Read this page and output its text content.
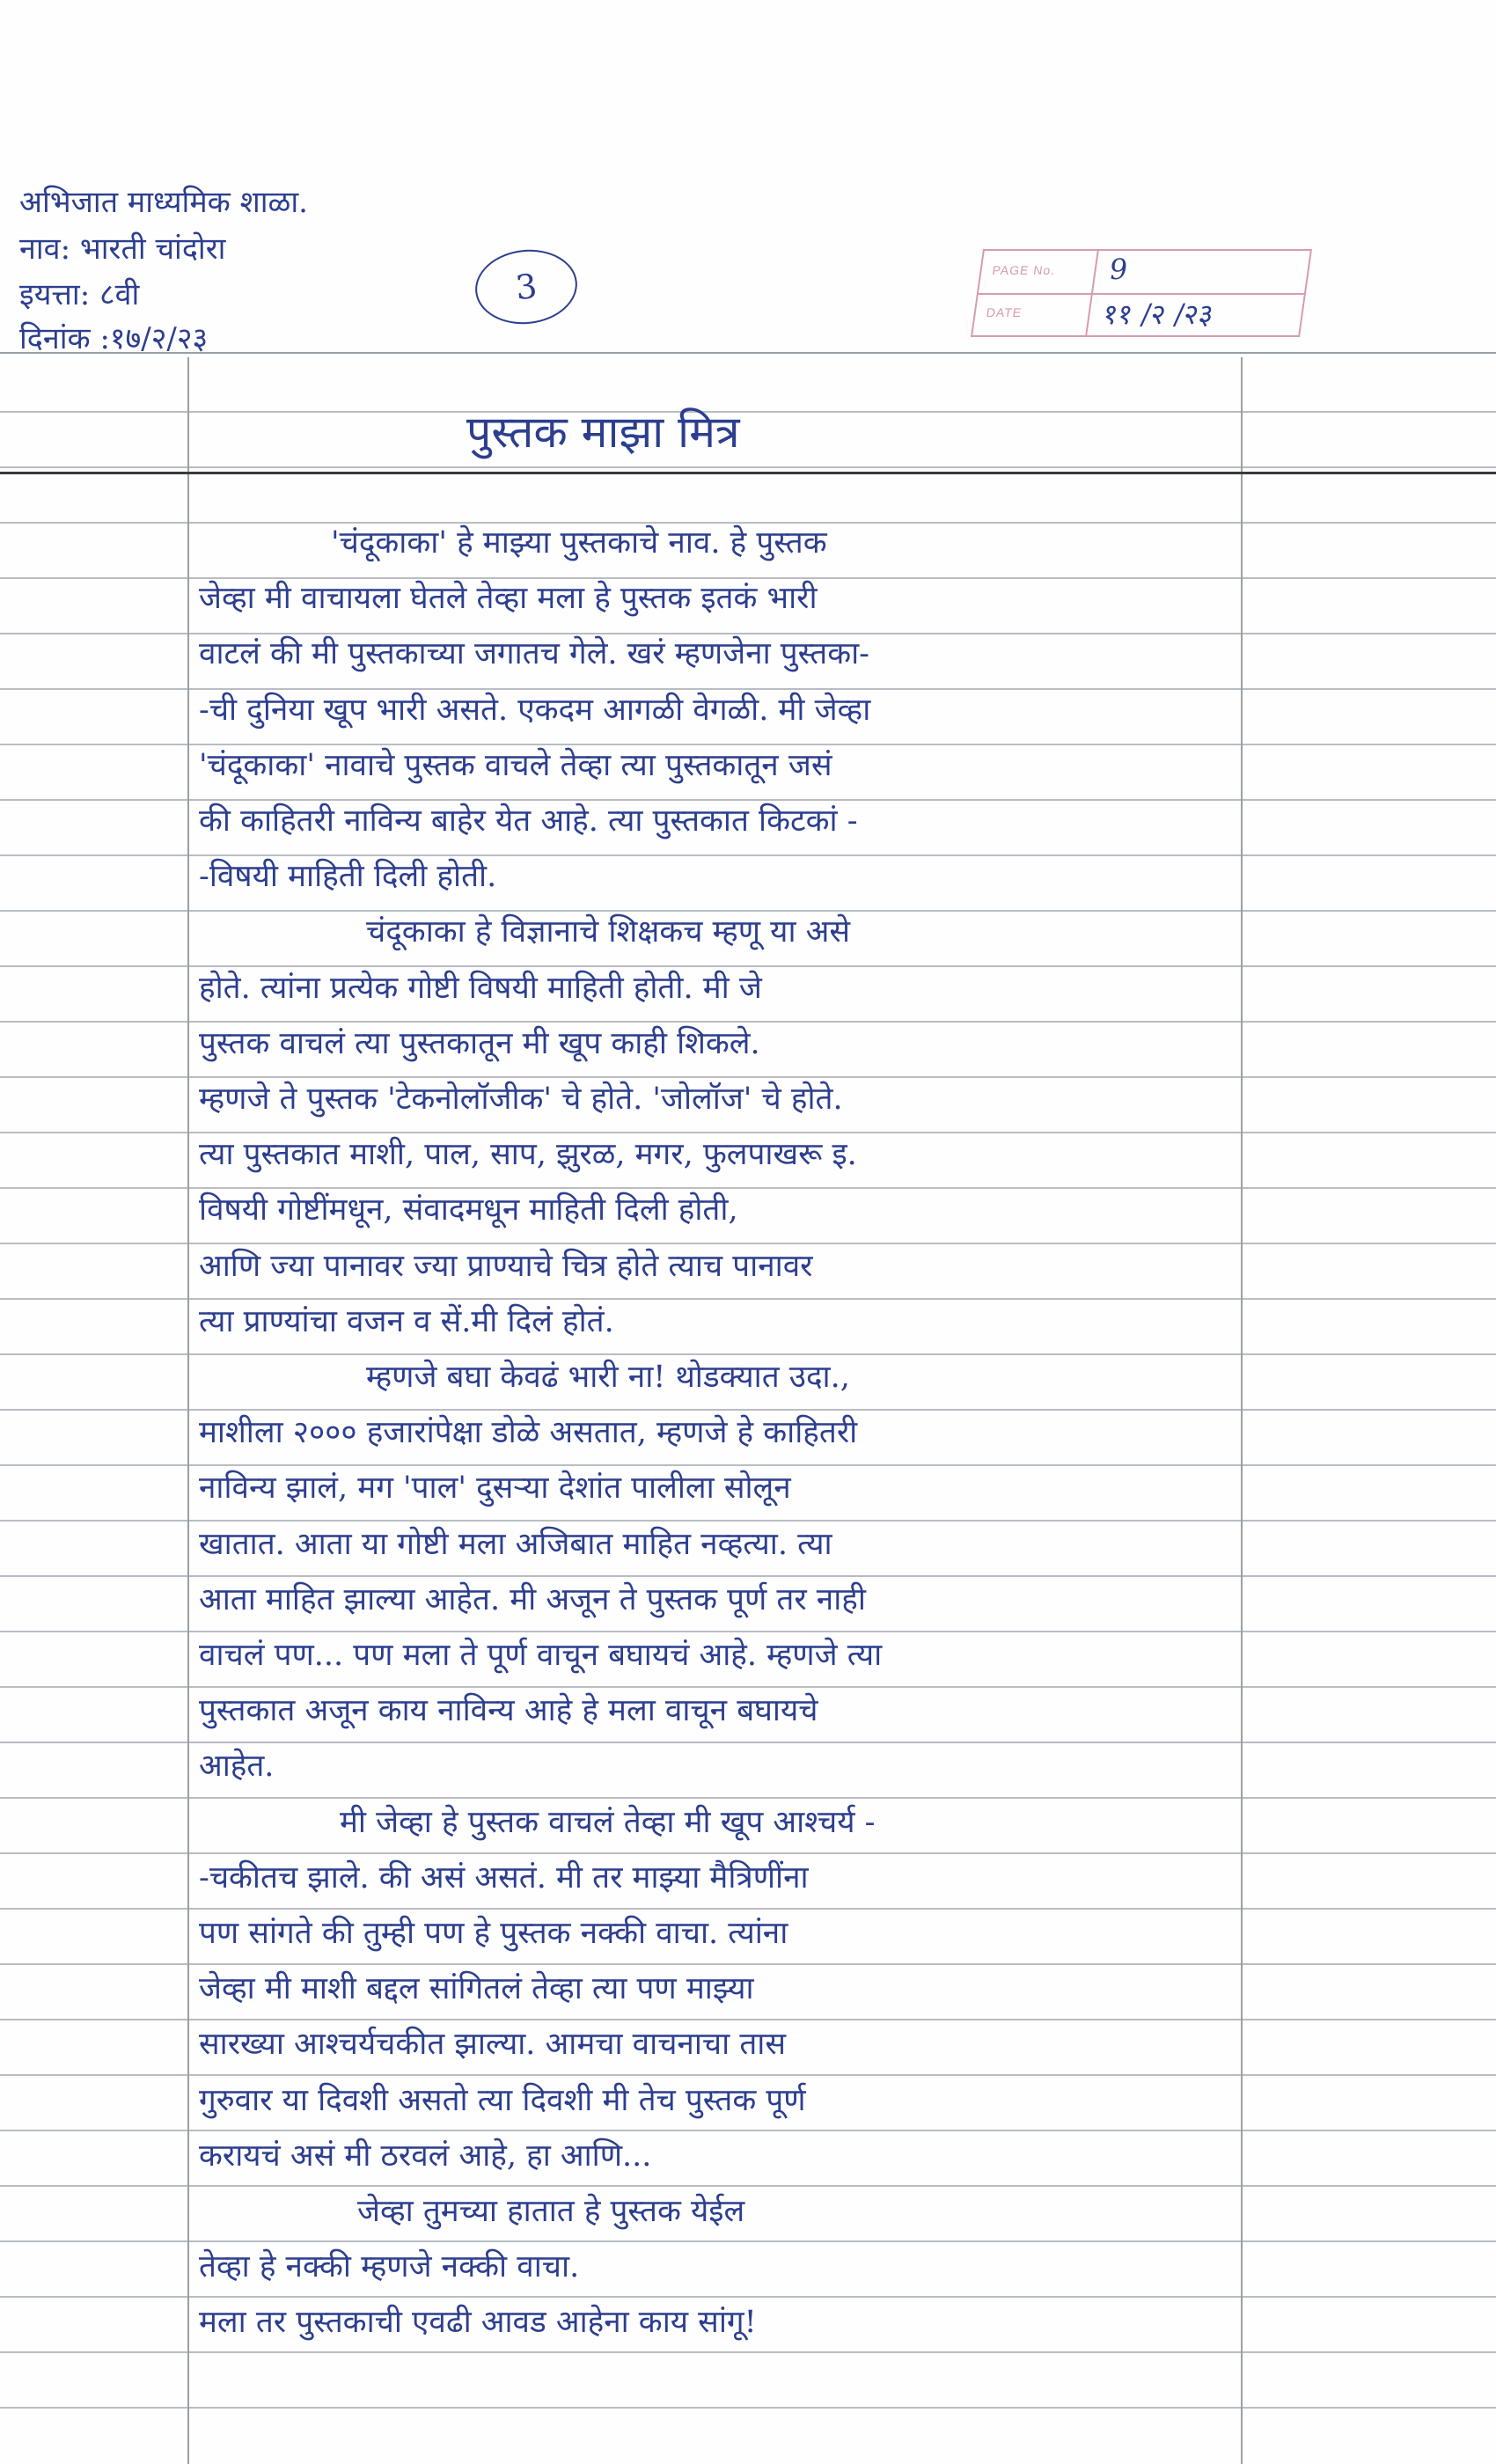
अभिजात माध्यमिक शाळा.
नाव: भारती चांदोरा
इयत्ता: ८वी
दिनांक :१७/२/२३
3	PAGE No. 9
DATE	११ /२ /२३
पुस्तक माझा मित्र
'चंदूकाका' हे माझ्या पुस्तकाचे नाव. हे पुस्तक
जेव्हा मी वाचायला घेतले तेव्हा मला हे पुस्तक इतकं भारी
वाटलं की मी पुस्तकाच्या जगातच गेले. खरं म्हणजेना पुस्तका-
-ची दुनिया खूप भारी असते. एकदम आगळी वेगळी. मी जेव्हा
'चंदूकाका' नावाचे पुस्तक वाचले तेव्हा त्या पुस्तकातून जसं
की काहितरी नाविन्य बाहेर येत आहे. त्या पुस्तकात किटकां -
-विषयी माहिती दिली होती.
चंदूकाका हे विज्ञानाचे शिक्षकच म्हणू या असे
होते. त्यांना प्रत्येक गोष्टी विषयी माहिती होती. मी जे
पुस्तक वाचलं त्या पुस्तकातून मी खूप काही शिकले.
म्हणजे ते पुस्तक 'टेकनोलॉजीक' चे होते. 'जोलॉज' चे होते.
त्या पुस्तकात माशी, पाल, साप, झुरळ, मगर, फुलपाखरू इ.
विषयी गोष्टींमधून, संवादमधून माहिती दिली होती,
आणि ज्या पानावर ज्या प्राण्याचे चित्र होते त्याच पानावर
त्या प्राण्यांचा वजन व सें.मी दिलं होतं.
म्हणजे बघा केवढं भारी ना! थोडक्यात उदा.,
माशीला २००० हजारांपेक्षा डोळे असतात, म्हणजे हे काहितरी
नाविन्य झालं, मग 'पाल' दुसऱ्या देशांत पालीला सोलून
खातात. आता या गोष्टी मला अजिबात माहित नव्हत्या. त्या
आता माहित झाल्या आहेत. मी अजून ते पुस्तक पूर्ण तर नाही
वाचलं पण... पण मला ते पूर्ण वाचून बघायचं आहे. म्हणजे त्या
पुस्तकात अजून काय नाविन्य आहे हे मला वाचून बघायचे
आहेत.
मी जेव्हा हे पुस्तक वाचलं तेव्हा मी खूप आश्चर्य -
-चकीतच झाले. की असं असतं. मी तर माझ्या मैत्रिणींना
पण सांगते की तुम्ही पण हे पुस्तक नक्की वाचा. त्यांना
जेव्हा मी माशी बद्दल सांगितलं तेव्हा त्या पण माझ्या
सारख्या आश्चर्यचकीत झाल्या. आमचा वाचनाचा तास
गुरुवार या दिवशी असतो त्या दिवशी मी तेच पुस्तक पूर्ण
करायचं असं मी ठरवलं आहे, हा आणि...
जेव्हा तुमच्या हातात हे पुस्तक येईल
तेव्हा हे नक्की म्हणजे नक्की वाचा.
मला तर पुस्तकाची एवढी आवड आहेना काय सांगू!
